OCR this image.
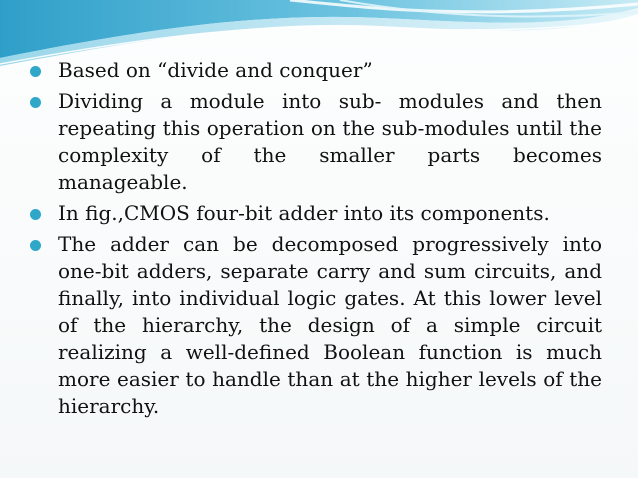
Based on “divide and conquer”
Dividing a module into sub- modules and then repeating this operation on the sub-modules until the complexity of the smaller parts becomes manageable.
In fig.,CMOS four-bit adder into its components.
The adder can be decomposed progressively into one-bit adders, separate carry and sum circuits, and finally, into individual logic gates. At this lower level of the hierarchy, the design of a simple circuit realizing a well-defined Boolean function is much more easier to handle than at the higher levels of the hierarchy.
